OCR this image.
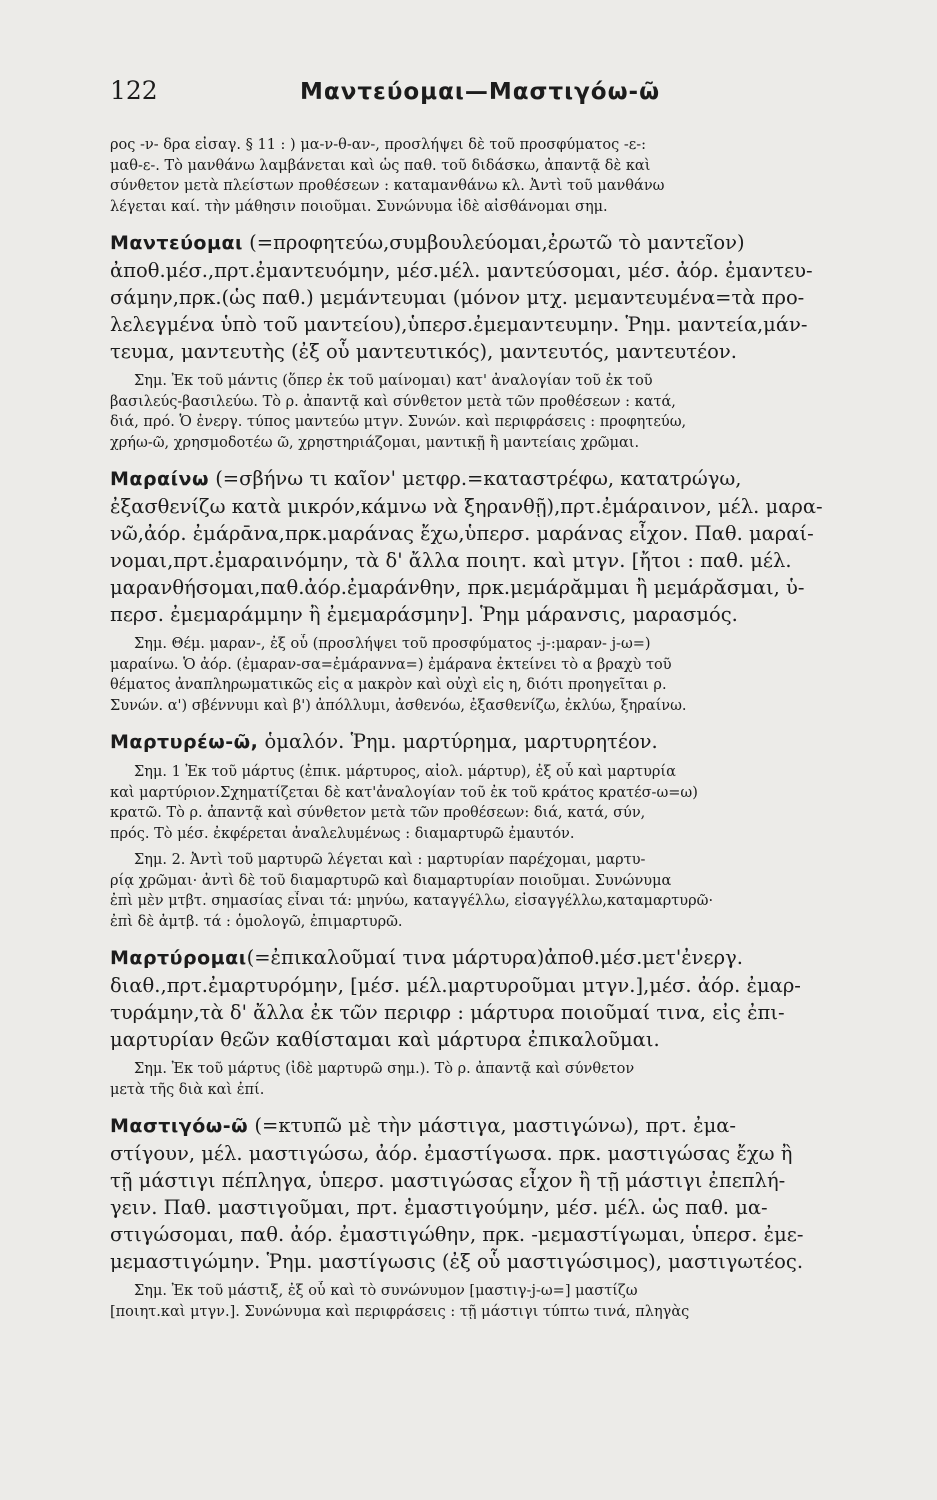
122	Μαντεύομαι—Μαστιγόω-ῶ
ρος -ν- δρα εἰσαγ. § 11 : ) μα-ν-θ-αν-, προσλήψει δὲ τοῦ προσφύματος -ε-:
μαθ-ε-. Τὸ μανθάνω λαμβάνεται καὶ ὡς παθ. τοῦ διδάσκω, ἀπαντᾷ δὲ καὶ
σύνθετον μετὰ πλείστων προθέσεων : καταμανθάνω κλ. Ἀντὶ τοῦ μανθάνω
λέγεται καί. τὴν μάθησιν ποιοῦμαι. Συνώνυμα ἰδὲ αἰσθάνομαι σημ.
Μαντεύομαι (=προφητεύω,συμβουλεύομαι,ἐρωτῶ τὸ μαντεῖον)
ἀποθ.μέσ.,πρτ.ἐμαντευόμην, μέσ.μέλ. μαντεύσομαι, μέσ. ἀόρ. ἐμαντευ-
σάμην,πρκ.(ὡς παθ.) μεμάντευμαι (μόνον μτχ. μεμαντευμένα=τὰ προ-
λελεγμένα ὑπὸ τοῦ μαντείου),ὑπερσ.ἐμεμαντευμην. Ῥημ. μαντεία,μάν-
τευμα, μαντευτὴς (ἐξ οὗ μαντευτικός), μαντευτός, μαντευτέον.
Σημ. Ἐκ τοῦ μάντις (ὅπερ ἐκ τοῦ μαίνομαι) κατ' ἀναλογίαν τοῦ ἐκ τοῦ
βασιλεύς-βασιλεύω. Τὸ ρ. ἀπαντᾷ καὶ σύνθετον μετὰ τῶν προθέσεων : κατά,
διά, πρό. Ὁ ἐνεργ. τύπος μαντεύω μτγν. Συνών. καὶ περιφράσεις : προφητεύω,
χρήω-ῶ, χρησμοδοτέω ῶ, χρηστηριάζομαι, μαντικῇ ἢ μαντείαις χρῶμαι.
Μαραίνω (=σβήνω τι καῖον' μετφρ.=καταστρέφω, κατατρώγω,
ἐξασθενίζω κατὰ μικρόν,κάμνω νὰ ξηρανθῇ),πρτ.ἐμάραινον, μέλ. μαρα-
νῶ,ἀόρ. ἐμάρᾱνα,πρκ.μαράνας ἔχω,ὑπερσ. μαράνας εἶχον. Παθ. μαραί-
νομαι,πρτ.ἐμαραινόμην, τὰ δ' ἄλλα ποιητ. καὶ μτγν. [ἤτοι : παθ. μέλ.
μαρανθήσομαι,παθ.ἀόρ.ἐμαράνθην, πρκ.μεμάρᾰμμαι ἢ μεμάρᾰσμαι, ὑ-
περσ. ἐμεμαράμμην ἢ ἐμεμαράσμην]. Ῥημ μάρανσις, μαρασμός.
Σημ. Θέμ. μαραν-, ἐξ οὗ (προσλήψει τοῦ προσφύματος -j-:μαραν- j-ω=)
μαραίνω. Ὁ ἀόρ. (ἐμαραν-σα=ἐμάραννα=) ἐμάρανα ἐκτείνει τὸ α βραχὺ τοῦ
θέματος ἀναπληρωματικῶς εἰς α μακρὸν καὶ οὐχὶ εἰς η, διότι προηγεῖται ρ.
Συνών. α') σβέννυμι καὶ β') ἀπόλλυμι, ἀσθενόω, ἐξασθενίζω, ἐκλύω, ξηραίνω.
Μαρτυρέω-ῶ, ὁμαλόν. Ῥημ. μαρτύρημα, μαρτυρητέον.
Σημ. 1 Ἐκ τοῦ μάρτυς (ἐπικ. μάρτυρος, αἰολ. μάρτυρ), ἐξ οὗ καὶ μαρτυρία
καὶ μαρτύριον.Σχηματίζεται δὲ κατ'ἀναλογίαν τοῦ ἐκ τοῦ κράτος κρατέσ-ω=ω)
κρατῶ. Τὸ ρ. ἀπαντᾷ καὶ σύνθετον μετὰ τῶν προθέσεων: διά, κατά, σύν,
πρός. Τὸ μέσ. ἐκφέρεται ἀναλελυμένως : διαμαρτυρῶ ἐμαυτόν.
Σημ. 2. Ἀντὶ τοῦ μαρτυρῶ λέγεται καὶ : μαρτυρίαν παρέχομαι, μαρτυ-
ρίᾳ χρῶμαι· ἀντὶ δὲ τοῦ διαμαρτυρῶ καὶ διαμαρτυρίαν ποιοῦμαι. Συνώνυμα
ἐπὶ μὲν μτβτ. σημασίας εἶναι τά: μηνύω, καταγγέλλω, εἰσαγγέλλω,καταμαρτυρῶ·
ἐπὶ δὲ ἀμτβ. τά : ὁμολογῶ, ἐπιμαρτυρῶ.
Μαρτύρομαι(=ἐπικαλοῦμαί τινα μάρτυρα)ἀποθ.μέσ.μετ'ἐνεργ.
διαθ.,πρτ.ἐμαρτυρόμην, [μέσ. μέλ.μαρτυροῦμαι μτγν.],μέσ. ἀόρ. ἐμαρ-
τυράμην,τὰ δ' ἄλλα ἐκ τῶν περιφρ : μάρτυρα ποιοῦμαί τινα, εἰς ἐπι-
μαρτυρίαν θεῶν καθίσταμαι καὶ μάρτυρα ἐπικαλοῦμαι.
Σημ. Ἐκ τοῦ μάρτυς (ἰδὲ μαρτυρῶ σημ.). Τὸ ρ. ἀπαντᾷ καὶ σύνθετον
μετὰ τῆς διὰ καὶ ἐπί.
Μαστιγόω-ῶ (=κτυπῶ μὲ τὴν μάστιγα, μαστιγώνω), πρτ. ἐμα-
στίγουν, μέλ. μαστιγώσω, ἀόρ. ἐμαστίγωσα. πρκ. μαστιγώσας ἔχω ἢ
τῇ μάστιγι πέπληγα, ὑπερσ. μαστιγώσας εἶχον ἢ τῇ μάστιγι ἐπεπλή-
γειν. Παθ. μαστιγοῦμαι, πρτ. ἐμαστιγούμην, μέσ. μέλ. ὡς παθ. μα-
στιγώσομαι, παθ. ἀόρ. ἐμαστιγώθην, πρκ. -μεμαστίγωμαι, ὑπερσ. ἐμε-
μεμαστιγώμην. Ῥημ. μαστίγωσις (ἐξ οὗ μαστιγώσιμος), μαστιγωτέος.
Σημ. Ἐκ τοῦ μάστιξ, ἐξ οὗ καὶ τὸ συνώνυμον [μαστιγ-j-ω=] μαστίζω
[ποιητ.καὶ μτγν.]. Συνώνυμα καὶ περιφράσεις : τῇ μάστιγι τύπτω τινά, πληγὰς
